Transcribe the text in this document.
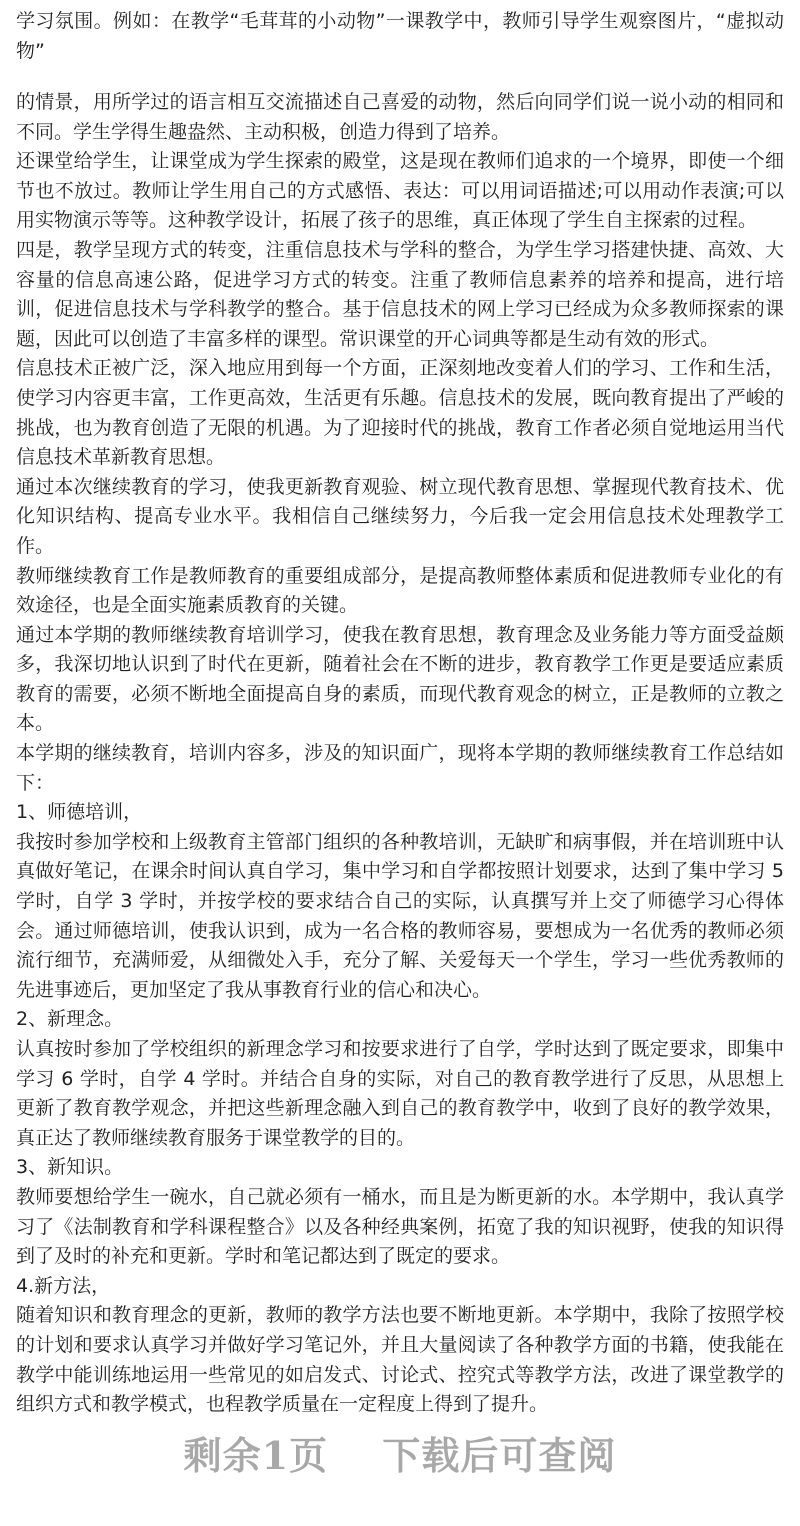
学习氛围。例如：在教学“毛茸茸的小动物”一课教学中，教师引导学生观察图片，“虚拟动物”

的情景，用所学过的语言相互交流描述自己喜爱的动物，然后向同学们说一说小动的相同和不同。学生学得生趣盎然、主动积极，创造力得到了培养。

还课堂给学生，让课堂成为学生探索的殿堂，这是现在教师们追求的一个境界，即使一个细节也不放过。教师让学生用自己的方式感悟、表达：可以用词语描述;可以用动作表演;可以用实物演示等等。这种教学设计，拓展了孩子的思维，真正体现了学生自主探索的过程。

四是，教学呈现方式的转变，注重信息技术与学科的整合，为学生学习搭建快捷、高效、大容量的信息高速公路，促进学习方式的转变。注重了教师信息素养的培养和提高，进行培训，促进信息技术与学科教学的整合。基于信息技术的网上学习已经成为众多教师探索的课题，因此可以创造了丰富多样的课型。常识课堂的开心词典等都是生动有效的形式。

信息技术正被广泛，深入地应用到每一个方面，正深刻地改变着人们的学习、工作和生活，使学习内容更丰富，工作更高效，生活更有乐趣。信息技术的发展，既向教育提出了严峻的挑战，也为教育创造了无限的机遇。为了迎接时代的挑战，教育工作者必须自觉地运用当代信息技术革新教育思想。

通过本次继续教育的学习，使我更新教育观验、树立现代教育思想、掌握现代教育技术、优化知识结构、提高专业水平。我相信自己继续努力，今后我一定会用信息技术处理教学工作。

教师继续教育工作是教师教育的重要组成部分，是提高教师整体素质和促进教师专业化的有效途径，也是全面实施素质教育的关键。

通过本学期的教师继续教育培训学习，使我在教育思想，教育理念及业务能力等方面受益颇多，我深切地认识到了时代在更新，随着社会在不断的进步，教育教学工作更是要适应素质教育的需要，必须不断地全面提高自身的素质，而现代教育观念的树立，正是教师的立教之本。

本学期的继续教育，培训内容多，涉及的知识面广，现将本学期的教师继续教育工作总结如下：

1、师德培训，

我按时参加学校和上级教育主管部门组织的各种教培训，无缺旷和病事假，并在培训班中认真做好笔记，在课余时间认真自学习，集中学习和自学都按照计划要求，达到了集中学习 5 学时，自学 3 学时，并按学校的要求结合自己的实际，认真撰写并上交了师德学习心得体会。通过师德培训，使我认识到，成为一名合格的教师容易，要想成为一名优秀的教师必须流行细节，充满师爱，从细微处入手，充分了解、关爱每天一个学生，学习一些优秀教师的先进事迹后，更加坚定了我从事教育行业的信心和决心。

2、新理念。

认真按时参加了学校组织的新理念学习和按要求进行了自学，学时达到了既定要求，即集中学习 6 学时，自学 4 学时。并结合自身的实际，对自己的教育教学进行了反思，从思想上更新了教育教学观念，并把这些新理念融入到自己的教育教学中，收到了良好的教学效果，真正达了教师继续教育服务于课堂教学的目的。

3、新知识。

教师要想给学生一碗水，自己就必须有一桶水，而且是为断更新的水。本学期中，我认真学习了《法制教育和学科课程整合》以及各种经典案例，拓宽了我的知识视野，使我的知识得到了及时的补充和更新。学时和笔记都达到了既定的要求。

4.新方法，

随着知识和教育理念的更新，教师的教学方法也要不断地更新。本学期中，我除了按照学校的计划和要求认真学习并做好学习笔记外，并且大量阅读了各种教学方面的书籍，使我能在教学中能训练地运用一些常见的如启发式、讨论式、控究式等教学方法，改进了课堂教学的组织方式和教学模式，也程教学质量在一定程度上得到了提升。

剩余1页 下载后可查阅
